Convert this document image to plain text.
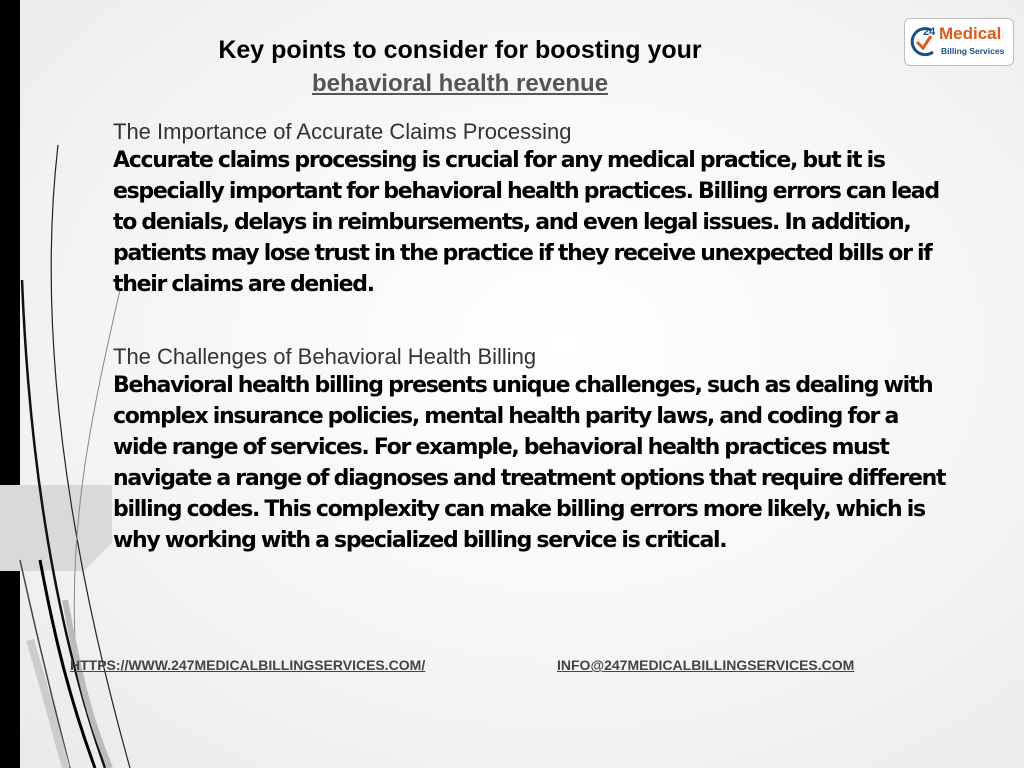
Key points to consider for boosting your
behavioral health revenue
24 Medical
Billing Services
The Importance of Accurate Claims Processing

Accurate claims processing is crucial for any medical practice, but it is especially important for behavioral health practices. Billing errors can lead to denials, delays in reimbursements, and even legal issues. In addition, patients may lose trust in the practice if they receive unexpected bills or if their claims are denied.

The Challenges of Behavioral Health Billing

Behavioral health billing presents unique challenges, such as dealing with complex insurance policies, mental health parity laws, and coding for a wide range of services. For example, behavioral health practices must navigate a range of diagnoses and treatment options that require different billing codes. This complexity can make billing errors more likely, which is why working with a specialized billing service is critical.

HTTPS://WWW.247MEDICALBILLINGSERVICES.COM/	INFO@247MEDICALBILLINGSERVICES.COM
